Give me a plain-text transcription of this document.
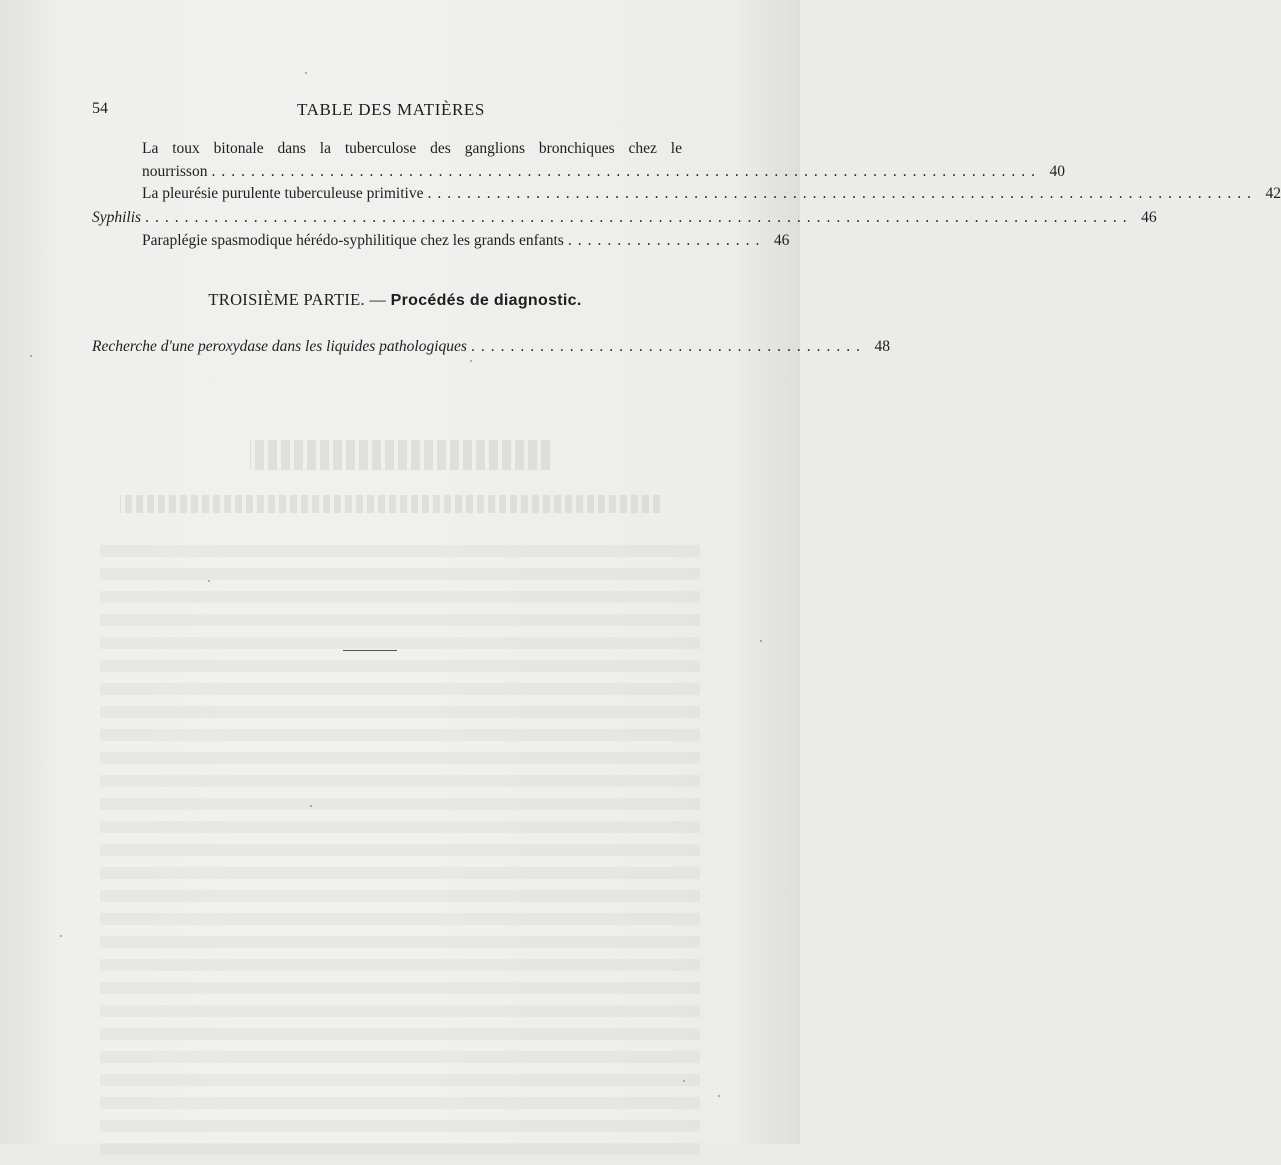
54	TABLE DES MATIÈRES
La toux bitonale dans la tuberculose des ganglions bronchiques chez le
nourrisson .................................................................................... 40
La pleurésie purulente tuberculeuse primitive .................................................................................... 42
Syphilis .................................................................................................... 46
Paraplégie spasmodique hérédo-syphilitique chez les grands enfants .................... 46
Recherche d'une peroxydase dans les liquides pathologiques ........................................ 48
TROISIÈME PARTIE. — Procédés de diagnostic.
